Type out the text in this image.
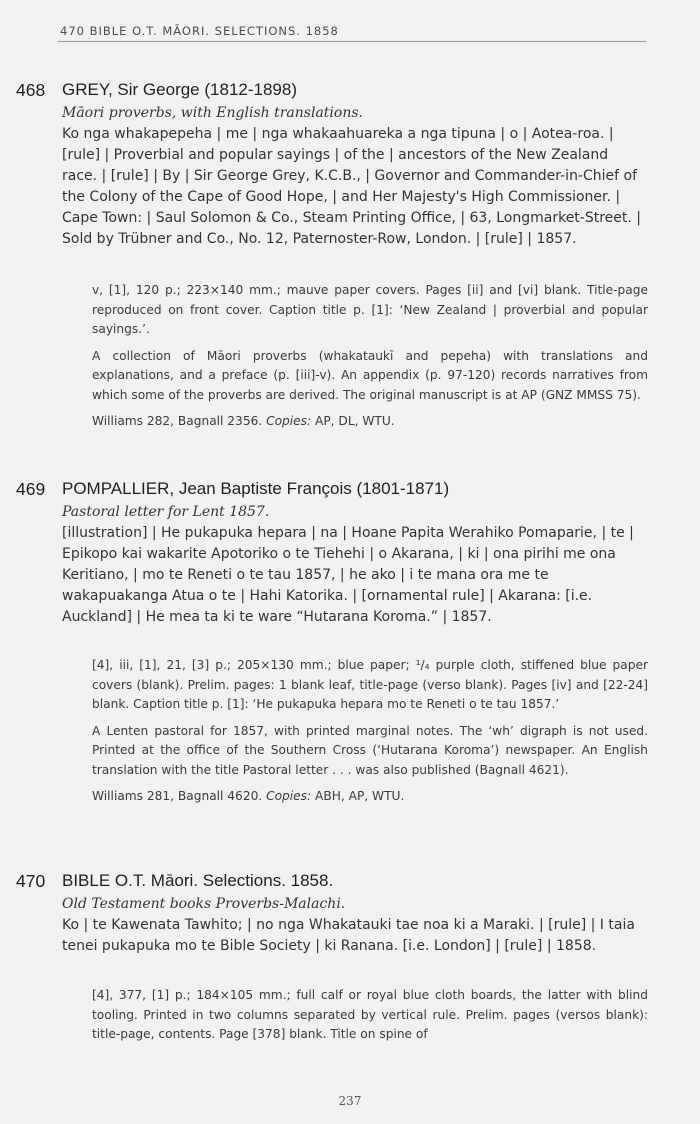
470 BIBLE O.T. MĀORI. SELECTIONS. 1858
468 GREY, Sir George (1812-1898)
Māori proverbs, with English translations.
Ko nga whakapepeha | me | nga whakaahuareka a nga tipuna | o | Aotea-roa. | [rule] | Proverbial and popular sayings | of the | ancestors of the New Zealand race. | [rule] | By | Sir George Grey, K.C.B., | Governor and Commander-in-Chief of the Colony of the Cape of Good Hope, | and Her Majesty's High Commissioner. | Cape Town: | Saul Solomon & Co., Steam Printing Office, | 63, Longmarket-Street. | Sold by Trübner and Co., No. 12, Paternoster-Row, London. | [rule] | 1857.

v, [1], 120 p.; 223×140 mm.; mauve paper covers. Pages [ii] and [vi] blank. Title-page reproduced on front cover. Caption title p. [1]: ‘New Zealand | proverbial and popular sayings.’.

A collection of Māori proverbs (whakataukī and pepeha) with translations and explanations, and a preface (p. [iii]-v). An appendix (p. 97-120) records narratives from which some of the proverbs are derived. The original manuscript is at AP (GNZ MMSS 75).

Williams 282, Bagnall 2356. Copies: AP, DL, WTU.

469 POMPALLIER, Jean Baptiste François (1801-1871)
Pastoral letter for Lent 1857.
[illustration] | He pukapuka hepara | na | Hoane Papita Werahiko Pomaparie, | te | Epikopo kai wakarite Apotoriko o te Tiehehi | o Akarana, | ki | ona pirihi me ona Keritiano, | mo te Reneti o te tau 1857, | he ako | i te mana ora me te wakapuakanga Atua o te | Hahi Katorika. | [ornamental rule] | Akarana: [i.e. Auckland] | He mea ta ki te ware “Hutarana Koroma.” | 1857.

[4], iii, [1], 21, [3] p.; 205×130 mm.; blue paper; ¹/₄ purple cloth, stiffened blue paper covers (blank). Prelim. pages: 1 blank leaf, title-page (verso blank). Pages [iv] and [22-24] blank. Caption title p. [1]: ‘He pukapuka hepara mo te Reneti o te tau 1857.’

A Lenten pastoral for 1857, with printed marginal notes. The ‘wh’ digraph is not used. Printed at the office of the Southern Cross (‘Hutarana Koroma’) newspaper. An English translation with the title Pastoral letter . . . was also published (Bagnall 4621).

Williams 281, Bagnall 4620. Copies: ABH, AP, WTU.

470 BIBLE O.T. Māori. Selections. 1858.
Old Testament books Proverbs-Malachi.
Ko | te Kawenata Tawhito; | no nga Whakatauki tae noa ki a Maraki. | [rule] | I taia tenei pukapuka mo te Bible Society | ki Ranana. [i.e. London] | [rule] | 1858.

[4], 377, [1] p.; 184×105 mm.; full calf or royal blue cloth boards, the latter with blind tooling. Printed in two columns separated by vertical rule. Prelim. pages (versos blank): title-page, contents. Page [378] blank. Title on spine of

237
